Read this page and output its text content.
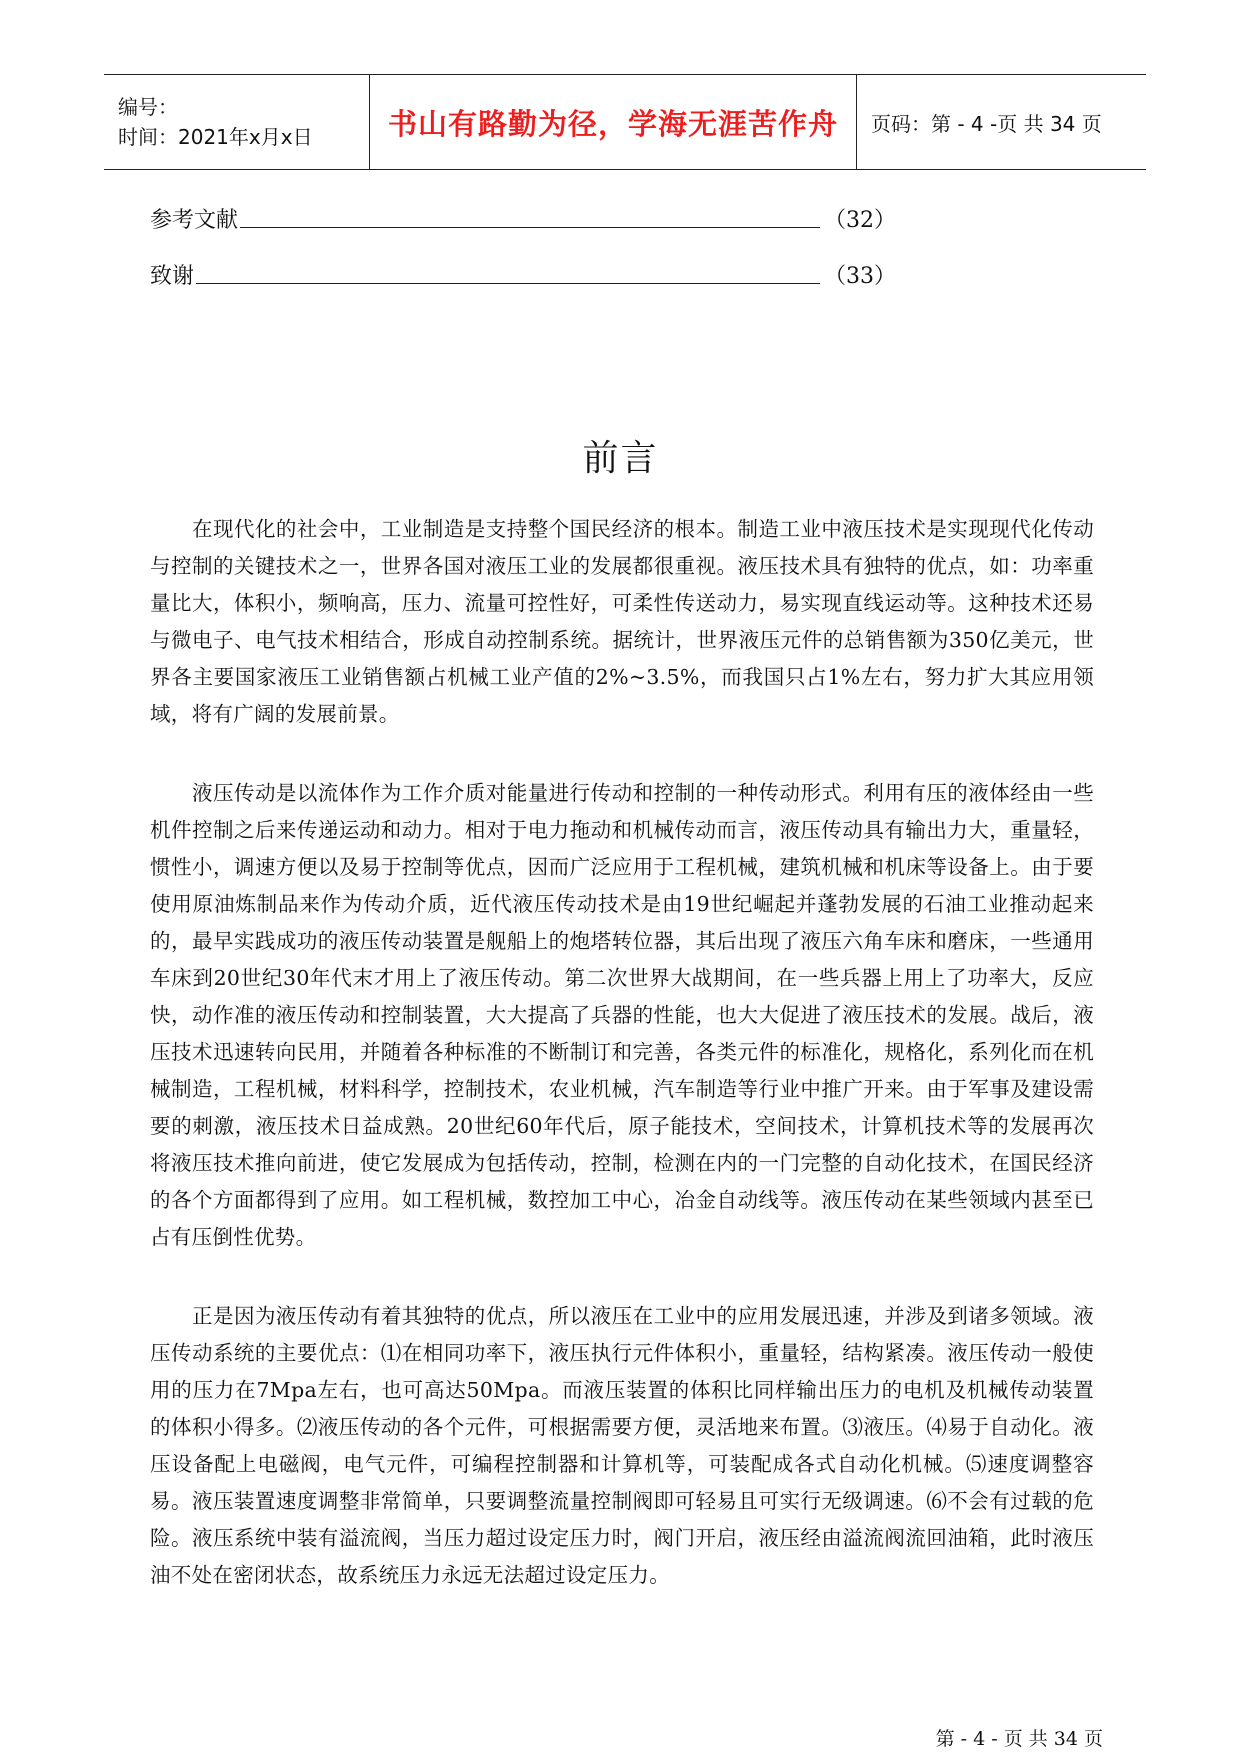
编号：
时间：2021年x月x日	书山有路勤为径，学海无涯苦作舟 页码：第 - 4 -页 共 34 页
参考文献	（32）
致谢	（33）
前言

在现代化的社会中，工业制造是支持整个国民经济的根本。制造工业中液压技术是实现现代化传动与控制的关键技术之一，世界各国对液压工业的发展都很重视。液压技术具有独特的优点，如：功率重量比大，体积小，频响高，压力、流量可控性好，可柔性传送动力，易实现直线运动等。这种技术还易与微电子、电气技术相结合，形成自动控制系统。据统计，世界液压元件的总销售额为350亿美元，世界各主要国家液压工业销售额占机械工业产值的2%~3.5%，而我国只占1%左右，努力扩大其应用领域，将有广阔的发展前景。

液压传动是以流体作为工作介质对能量进行传动和控制的一种传动形式。利用有压的液体经由一些机件控制之后来传递运动和动力。相对于电力拖动和机械传动而言，液压传动具有输出力大，重量轻，惯性小，调速方便以及易于控制等优点，因而广泛应用于工程机械，建筑机械和机床等设备上。由于要使用原油炼制品来作为传动介质，近代液压传动技术是由19世纪崛起并蓬勃发展的石油工业推动起来的，最早实践成功的液压传动装置是舰船上的炮塔转位器，其后出现了液压六角车床和磨床，一些通用车床到20世纪30年代末才用上了液压传动。第二次世界大战期间，在一些兵器上用上了功率大，反应快，动作准的液压传动和控制装置，大大提高了兵器的性能，也大大促进了液压技术的发展。战后，液压技术迅速转向民用，并随着各种标准的不断制订和完善，各类元件的标准化，规格化，系列化而在机械制造，工程机械，材料科学，控制技术，农业机械，汽车制造等行业中推广开来。由于军事及建设需要的刺激，液压技术日益成熟。20世纪60年代后，原子能技术，空间技术，计算机技术等的发展再次将液压技术推向前进，使它发展成为包括传动，控制，检测在内的一门完整的自动化技术，在国民经济的各个方面都得到了应用。如工程机械，数控加工中心，冶金自动线等。液压传动在某些领域内甚至已占有压倒性优势。

正是因为液压传动有着其独特的优点，所以液压在工业中的应用发展迅速，并涉及到诸多领域。液压传动系统的主要优点：⑴在相同功率下，液压执行元件体积小，重量轻，结构紧凑。液压传动一般使用的压力在7Mpa左右，也可高达50Mpa。而液压装置的体积比同样输出压力的电机及机械传动装置的体积小得多。⑵液压传动的各个元件，可根据需要方便，灵活地来布置。⑶液压。⑷易于自动化。液压设备配上电磁阀，电气元件，可编程控制器和计算机等，可装配成各式自动化机械。⑸速度调整容易。液压装置速度调整非常简单，只要调整流量控制阀即可轻易且可实行无级调速。⑹不会有过载的危险。液压系统中装有溢流阀，当压力超过设定压力时，阀门开启，液压经由溢流阀流回油箱，此时液压油不处在密闭状态，故系统压力永远无法超过设定压力。

第 - 4 - 页 共 34 页
